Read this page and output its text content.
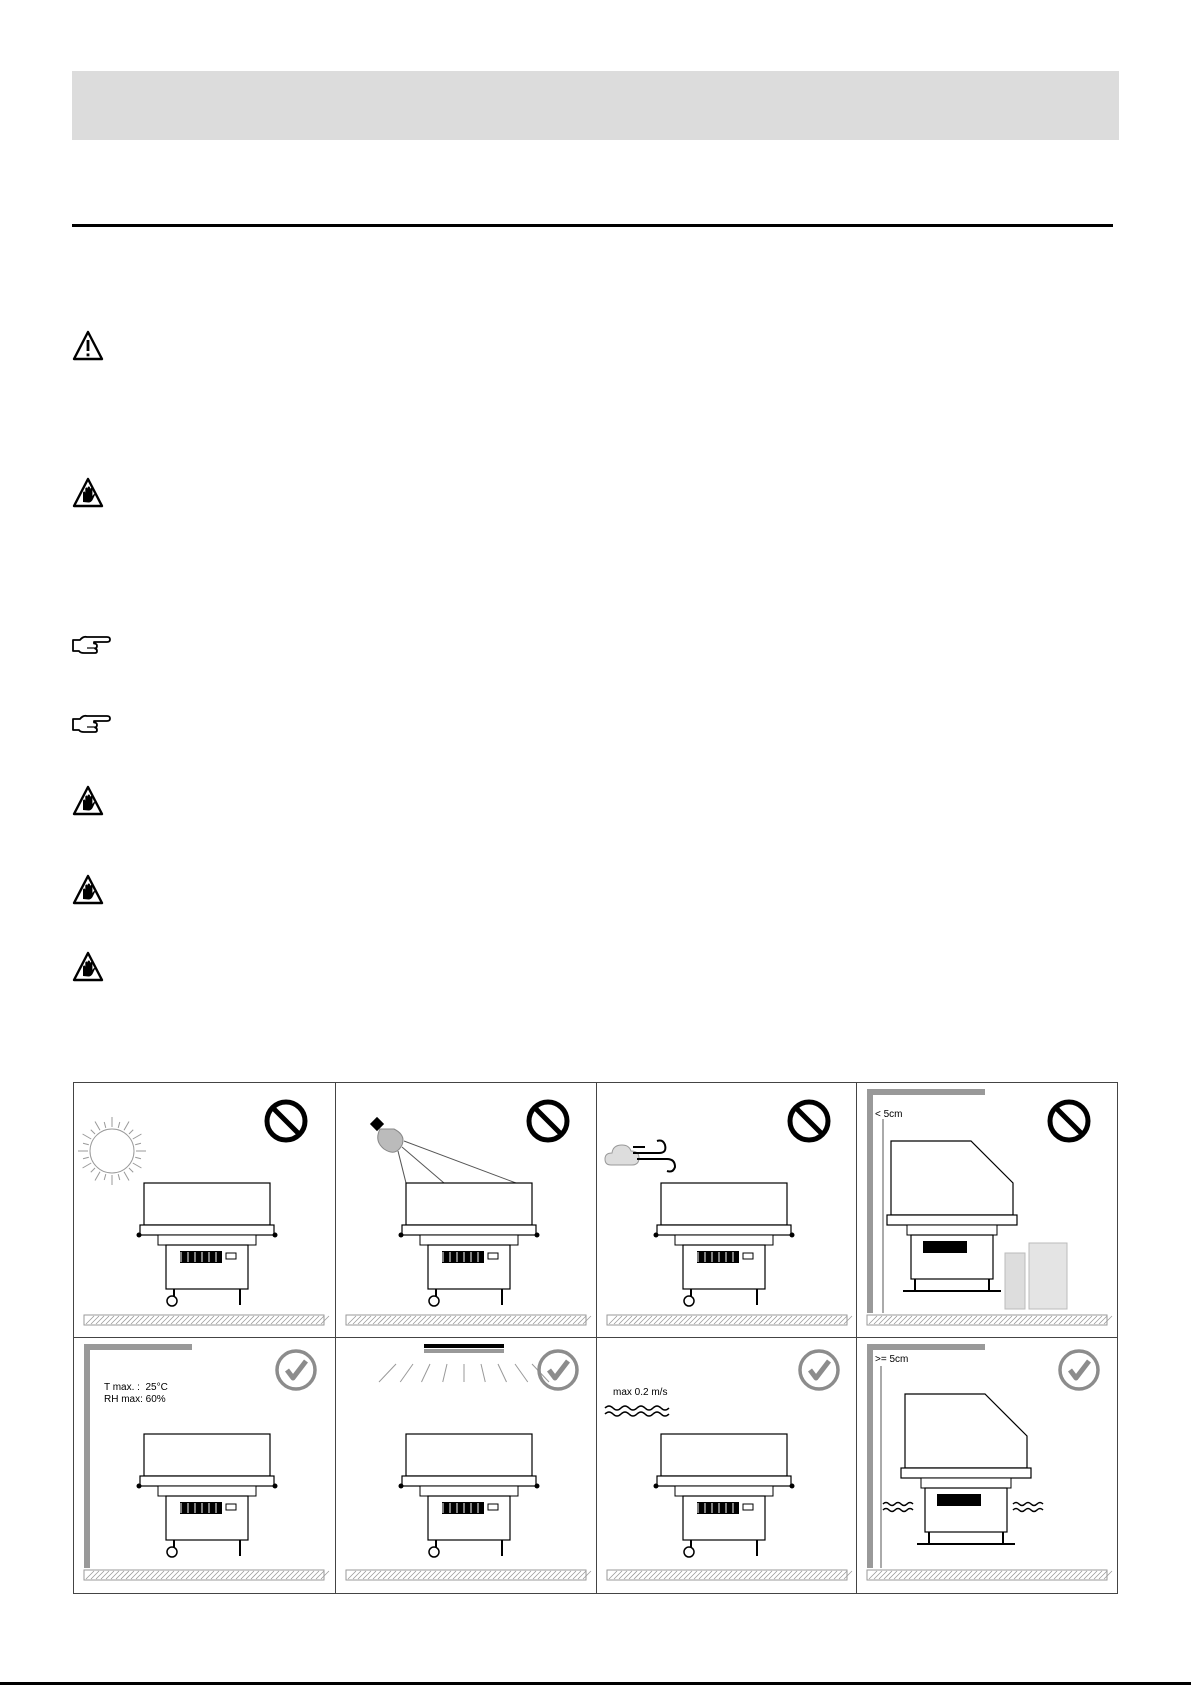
< 5cm
T max. :  25°C
RH max: 60%
max 0.2 m/s
>= 5cm
